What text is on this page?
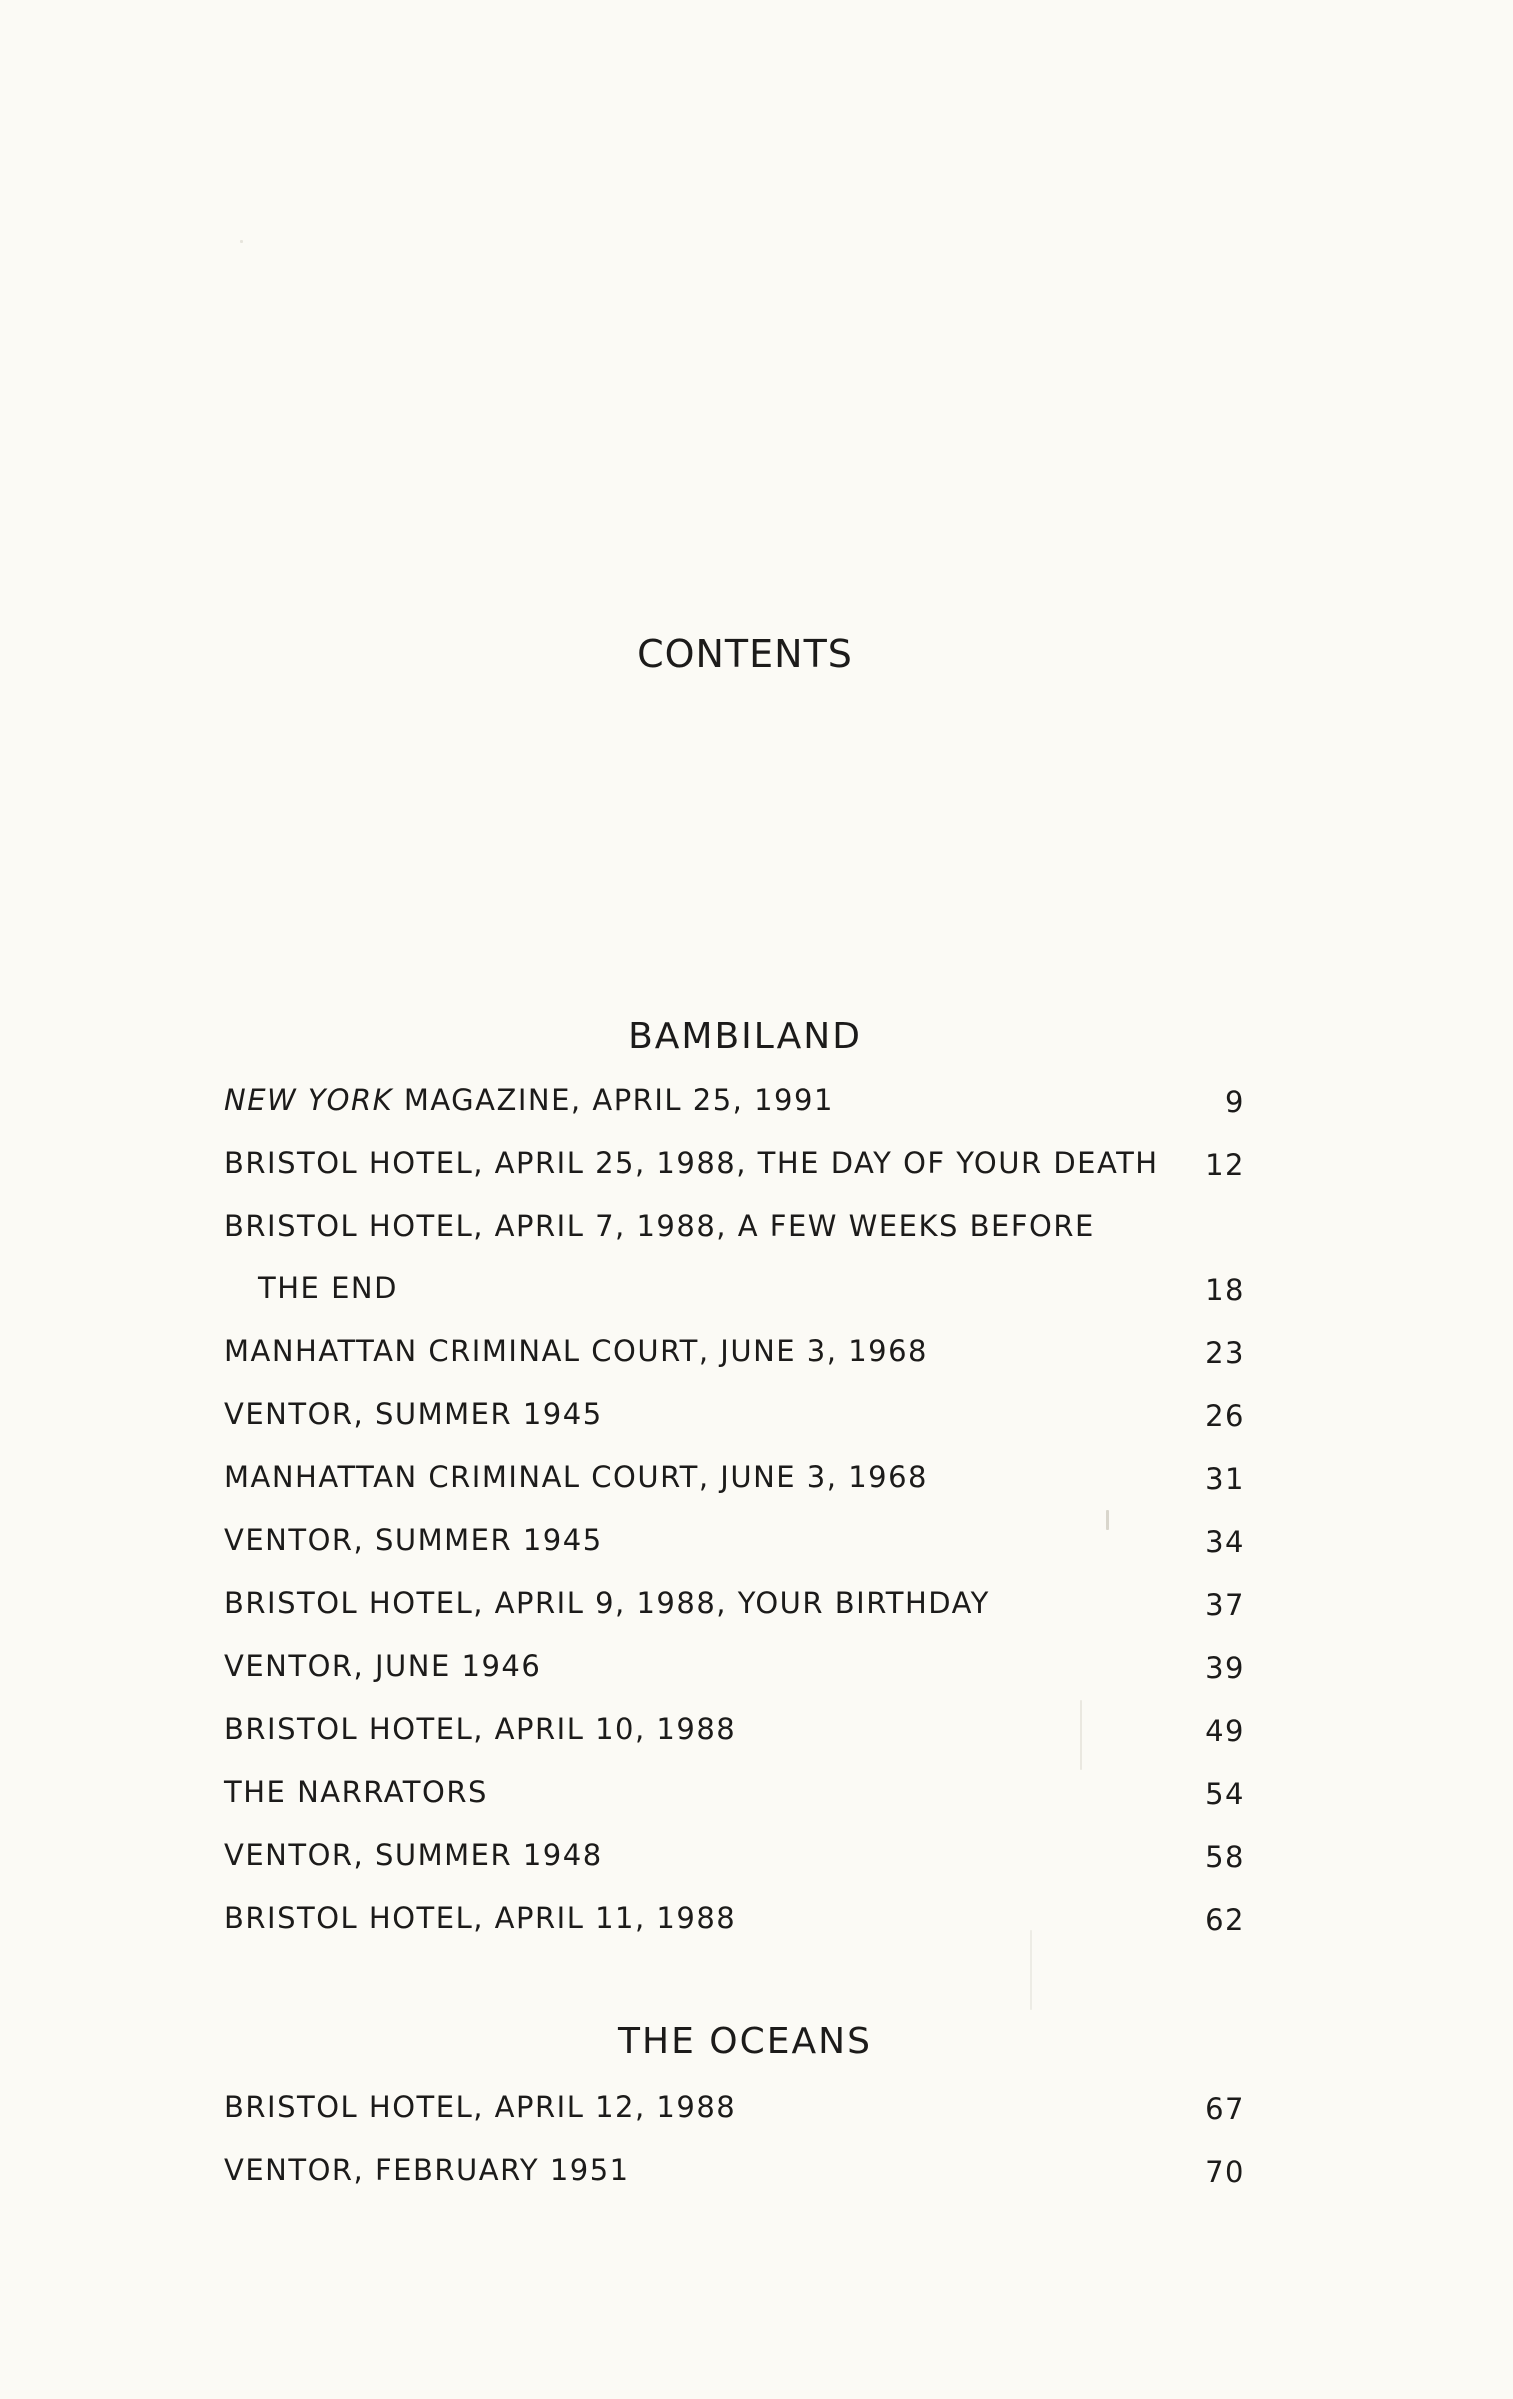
CONTENTS
BAMBILAND
NEW YORK MAGAZINE, APRIL 25, 1991	9
BRISTOL HOTEL, APRIL 25, 1988, THE DAY OF YOUR DEATH 12
BRISTOL HOTEL, APRIL 7, 1988, A FEW WEEKS BEFORE
THE END	18
MANHATTAN CRIMINAL COURT, JUNE 3, 1968	23
VENTOR, SUMMER 1945	26
MANHATTAN CRIMINAL COURT, JUNE 3, 1968	31
VENTOR, SUMMER 1945	34
BRISTOL HOTEL, APRIL 9, 1988, YOUR BIRTHDAY	37
VENTOR, JUNE 1946	39
BRISTOL HOTEL, APRIL 10, 1988	49
THE NARRATORS	54
VENTOR, SUMMER 1948	58
BRISTOL HOTEL, APRIL 11, 1988	62
THE OCEANS
BRISTOL HOTEL, APRIL 12, 1988	67
VENTOR, FEBRUARY 1951	70
